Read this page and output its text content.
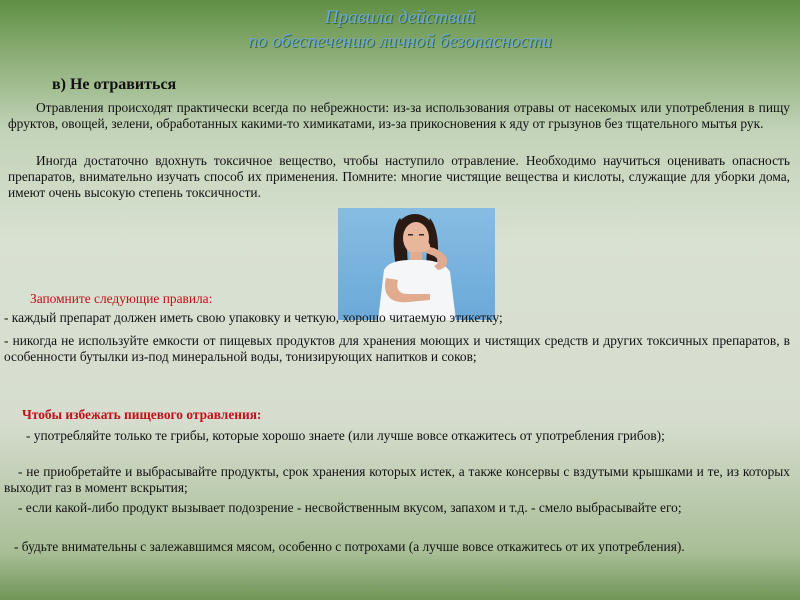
Правила действий
по обеспечению личной безопасности
в) Не отравиться

Отравления происходят практически всегда по небрежности: из-за использования отравы от насекомых или употребления в пищу фруктов, овощей, зелени, обработанных какими-то химикатами, из-за прикосновения к яду от грызунов без тщательного мытья рук.

Иногда достаточно вдохнуть токсичное вещество, чтобы наступило отравление. Необходимо научиться оценивать опасность препаратов, внимательно изучать способ их применения. Помните: многие чистящие вещества и кислоты, служащие для уборки дома, имеют очень высокую степень токсичности.

Запомните следующие правила:

- каждый препарат должен иметь свою упаковку и четкую, хорошо читаемую этикетку;

- никогда не используйте емкости от пищевых продуктов для хранения моющих и чистящих средств и других токсичных препаратов, в особенности бутылки из-под минеральной воды, тонизирующих напитков и соков;

Чтобы избежать пищевого отравления:

- употребляйте только те грибы, которые хорошо знаете (или лучше вовсе откажитесь от употребления грибов);

- не приобретайте и выбрасывайте продукты, срок хранения которых истек, а также консервы с вздутыми крышками и те, из которых выходит газ в момент вскрытия;

- если какой-либо продукт вызывает подозрение - несвойственным вкусом, запахом и т.д. - смело выбрасывайте его;

- будьте внимательны с залежавшимся мясом, особенно с потрохами (а лучше вовсе откажитесь от их употребления).
